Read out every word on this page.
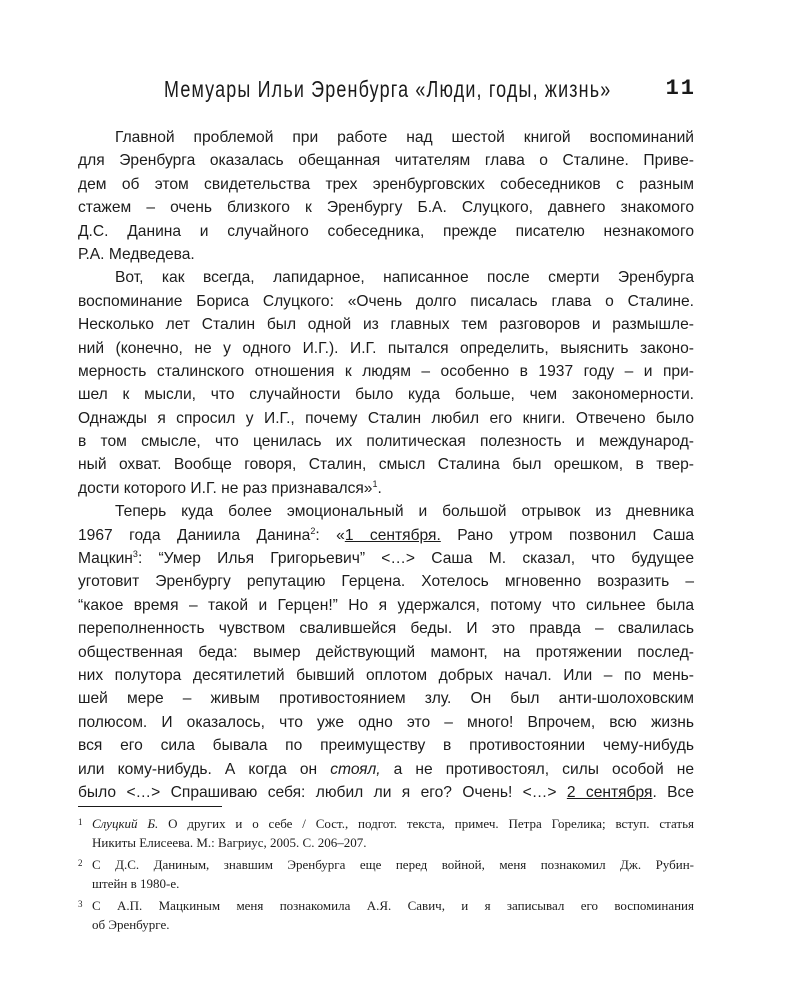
Мемуары Ильи Эренбурга «Люди, годы, жизнь» 11
Главной проблемой при работе над шестой книгой воспоминаний
для Эренбурга оказалась обещанная читателям глава о Сталине. Приве-
дем об этом свидетельства трех эренбурговских собеседников с разным
стажем – очень близкого к Эренбургу Б.А. Слуцкого, давнего знакомого
Д.С. Данина и случайного собеседника, прежде писателю незнакомого
Р.А. Медведева.
Вот, как всегда, лапидарное, написанное после смерти Эренбурга
воспоминание Бориса Слуцкого: «Очень долго писалась глава о Сталине.
Несколько лет Сталин был одной из главных тем разговоров и размышле-
ний (конечно, не у одного И.Г.). И.Г. пытался определить, выяснить законо-
мерность сталинского отношения к людям – особенно в 1937 году – и при-
шел к мысли, что случайности было куда больше, чем закономерности.
Однажды я спросил у И.Г., почему Сталин любил его книги. Отвечено было
в том смысле, что ценилась их политическая полезность и международ-
ный охват. Вообще говоря, Сталин, смысл Сталина был орешком, в твер-
дости которого И.Г. не раз признавался»$^1$.
Теперь куда более эмоциональный и большой отрывок из дневника
1967 года Даниила Данина$^2$: «1 сентября. Рано утром позвонил Саша
Мацкин$^3$: “Умер Илья Григорьевич” <…> Саша М. сказал, что будущее
уготовит Эренбургу репутацию Герцена. Хотелось мгновенно возразить –
“какое время – такой и Герцен!” Но я удержался, потому что сильнее была
переполненность чувством свалившейся беды. И это правда – свалилась
общественная беда: вымер действующий мамонт, на протяжении послед-
них полутора десятилетий бывший оплотом добрых начал. Или – по мень-
шей мере – живым противостоянием злу. Он был анти-шолоховским
полюсом. И оказалось, что уже одно это – много! Впрочем, всю жизнь
вся его сила бывала по преимуществу в противостоянии чему-нибудь
или кому-нибудь. А когда он стоял, а не противостоял, силы особой не
было <…> Спрашиваю себя: любил ли я его? Очень! <…> 2 сентября. Все
1 Слуцкий Б. О других и о себе / Сост., подгот. текста, примеч. Петра Горелика; вступ. статья
Никиты Елисеева. М.: Вагриус, 2005. С. 206–207.
2 С Д.С. Даниным, знавшим Эренбурга еще перед войной, меня познакомил Дж. Рубин-
штейн в 1980-е.
3 С А.П. Мацкиным меня познакомила А.Я. Савич, и я записывал его воспоминания
об Эренбурге.
